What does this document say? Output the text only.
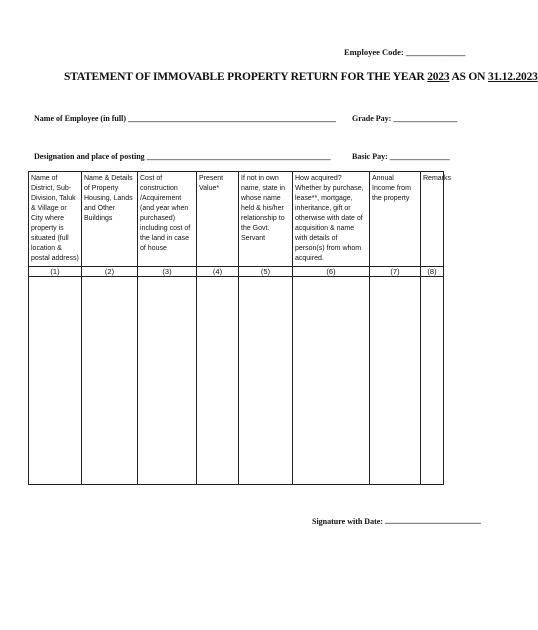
Employee Code: ______________
STATEMENT OF IMMOVABLE PROPERTY RETURN FOR THE YEAR 2023 AS ON 31.12.2023
Name of Employee (in full) ____________________________________________________ Grade Pay: ________________
Designation and place of posting ______________________________________________	Basic Pay: _______________
Name of District, Sub-Division, Taluk & Village or City where property is situated (full location & postal address)	Name & Details of Property Housing, Lands and Other Buildings	Cost of construction /Acquirement (and year when purchased) including cost of the land in case of house	Present Value*	If not in own name, state in whose name held & his/her relationship to the Govt. Servant	How acquired? Whether by purchase, lease**, mortgage, inheritance, gift or otherwise with date of acquisition & name with details of person(s) from whom acquired.	Annual Income from the property	Remarks
(1)	(2)	(3)	(4)	(5)	(6)	(7)	(8)

Signature with Date: ................................................
